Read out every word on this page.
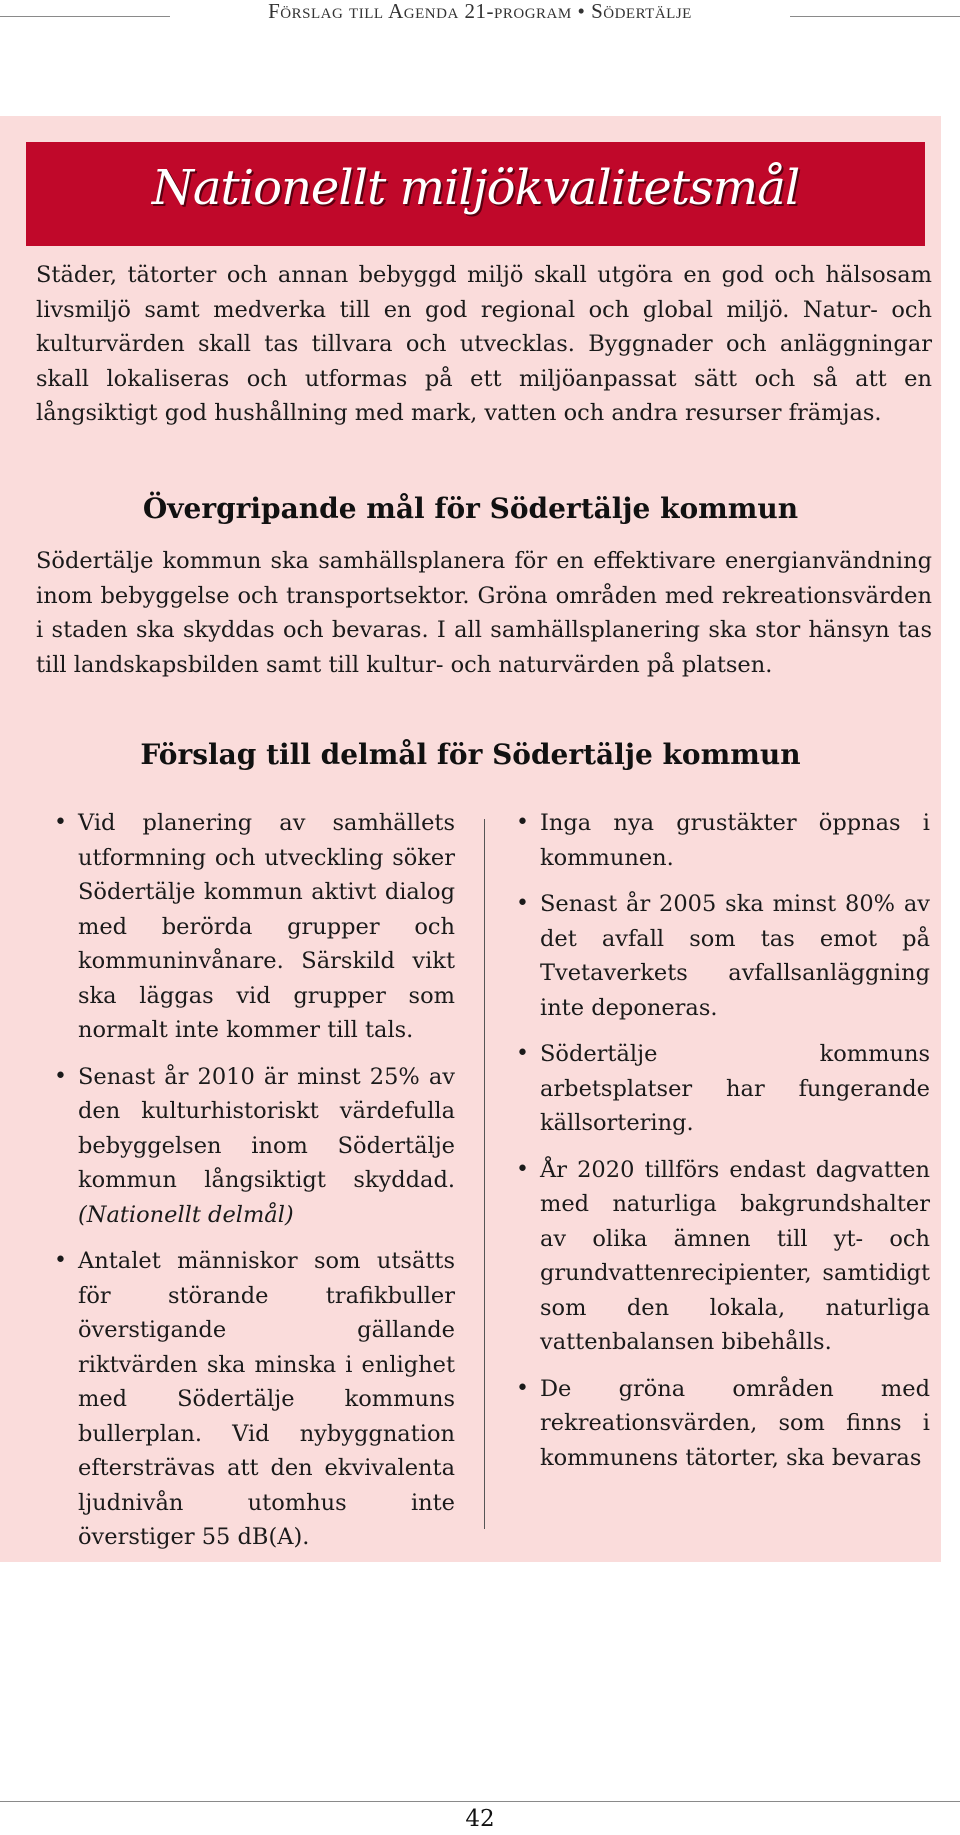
Förslag till Agenda 21-program • Södertälje
Nationellt miljökvalitetsmål
Städer, tätorter och annan bebyggd miljö skall utgöra en god och hälsosam livsmiljö samt medverka till en god regional och global miljö. Natur- och kulturvärden skall tas tillvara och utvecklas. Byggnader och anläggningar skall lokaliseras och utformas på ett miljöanpassat sätt och så att en långsiktigt god hushållning med mark, vatten och andra resurser främjas.
Övergripande mål för Södertälje kommun
Södertälje kommun ska samhällsplanera för en effektivare energianvändning inom bebyggelse och transportsektor. Gröna områden med rekreationsvärden i staden ska skyddas och bevaras. I all samhällsplanering ska stor hänsyn tas till landskapsbilden samt till kultur- och naturvärden på platsen.
Förslag till delmål för Södertälje kommun
• Vid planering av samhällets utformning och utveckling söker Södertälje kommun aktivt dialog med berörda grupper och kommuninvånare. Särskild vikt ska läggas vid grupper som normalt inte kommer till tals.
• Senast år 2010 är minst 25% av den kulturhistoriskt värdefulla bebyggelsen inom Södertälje kommun långsiktigt skyddad. (Nationellt delmål)
• Antalet människor som utsätts för störande trafikbuller överstigande gällande riktvärden ska minska i enlighet med Södertälje kommuns bullerplan. Vid nybyggnation eftersträvas att den ekvivalenta ljudnivån utomhus inte överstiger 55 dB(A).
• Inga nya grustäkter öppnas i kommunen.
• Senast år 2005 ska minst 80% av det avfall som tas emot på Tvetaverkets avfallsanläggning inte deponeras.
• Södertälje kommuns arbetsplatser har fungerande källsortering.
• År 2020 tillförs endast dagvatten med naturliga bakgrundshalter av olika ämnen till yt- och grundvattenrecipienter, samtidigt som den lokala, naturliga vattenbalansen bibehålls.
• De gröna områden med rekreationsvärden, som finns i kommunens tätorter, ska bevaras
42
